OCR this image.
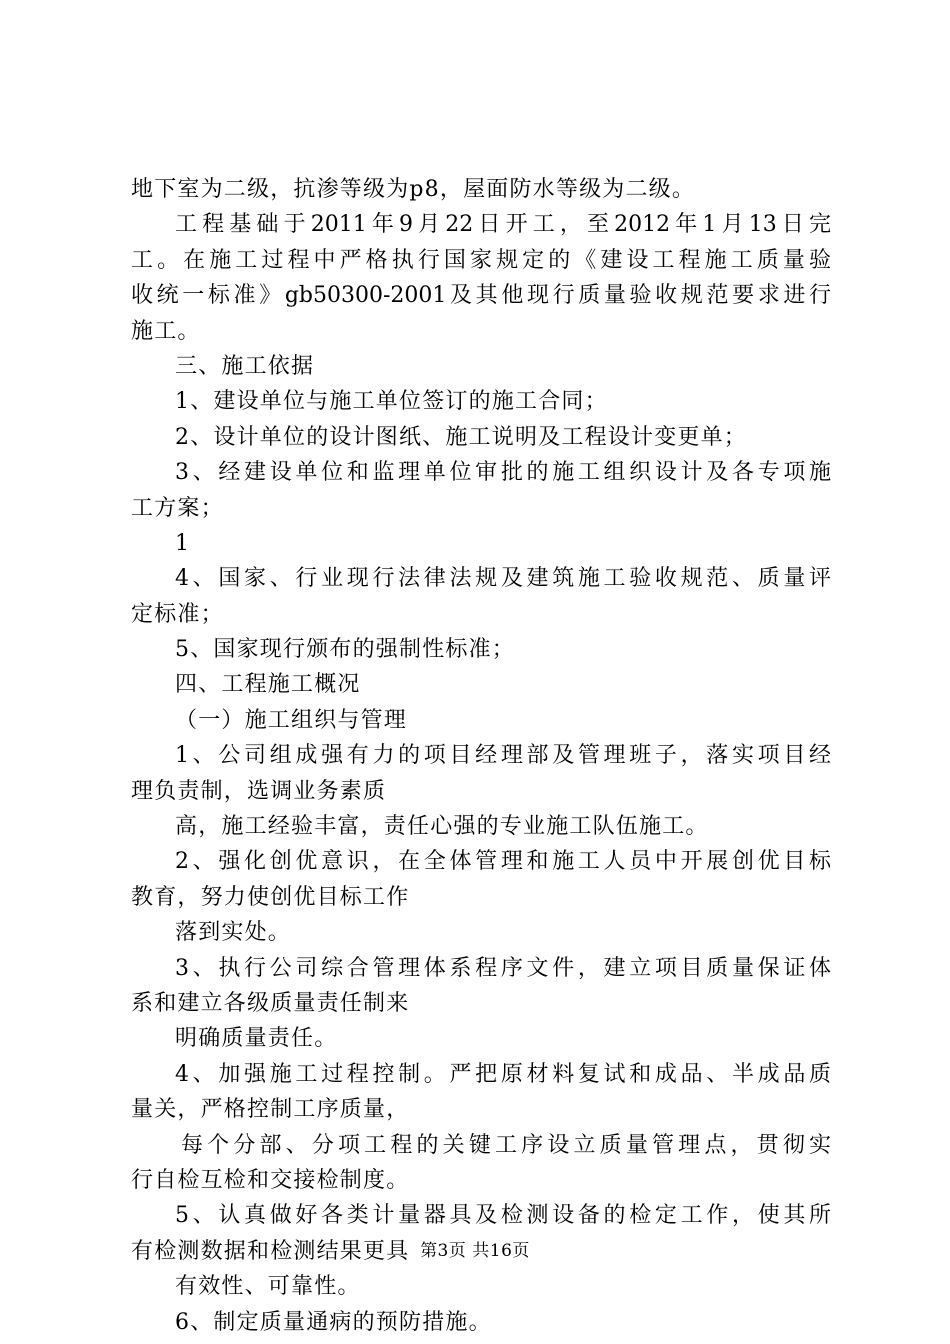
地下室为二级，抗渗等级为p8，屋面防水等级为二级。
工程基础于2011年9月22日开工，至2012年1月13日完
工。在施工过程中严格执行国家规定的《建设工程施工质量验
收统一标准》gb50300-2001及其他现行质量验收规范要求进行
施工。
三、施工依据
1、建设单位与施工单位签订的施工合同；
2、设计单位的设计图纸、施工说明及工程设计变更单；
3、经建设单位和监理单位审批的施工组织设计及各专项施
工方案；
1
4、国家、行业现行法律法规及建筑施工验收规范、质量评
定标准；
5、国家现行颁布的强制性标准；
四、工程施工概况
（一）施工组织与管理
1、公司组成强有力的项目经理部及管理班子，落实项目经
理负责制，选调业务素质
高，施工经验丰富，责任心强的专业施工队伍施工。
2、强化创优意识，在全体管理和施工人员中开展创优目标
教育，努力使创优目标工作
落到实处。
3、执行公司综合管理体系程序文件，建立项目质量保证体
系和建立各级质量责任制来
明确质量责任。
4、加强施工过程控制。严把原材料复试和成品、半成品质
量关，严格控制工序质量，
每个分部、分项工程的关键工序设立质量管理点，贯彻实
行自检互检和交接检制度。
5、认真做好各类计量器具及检测设备的检定工作，使其所
有检测数据和检测结果更具
有效性、可靠性。
6、制定质量通病的预防措施。
第3页 共16页
